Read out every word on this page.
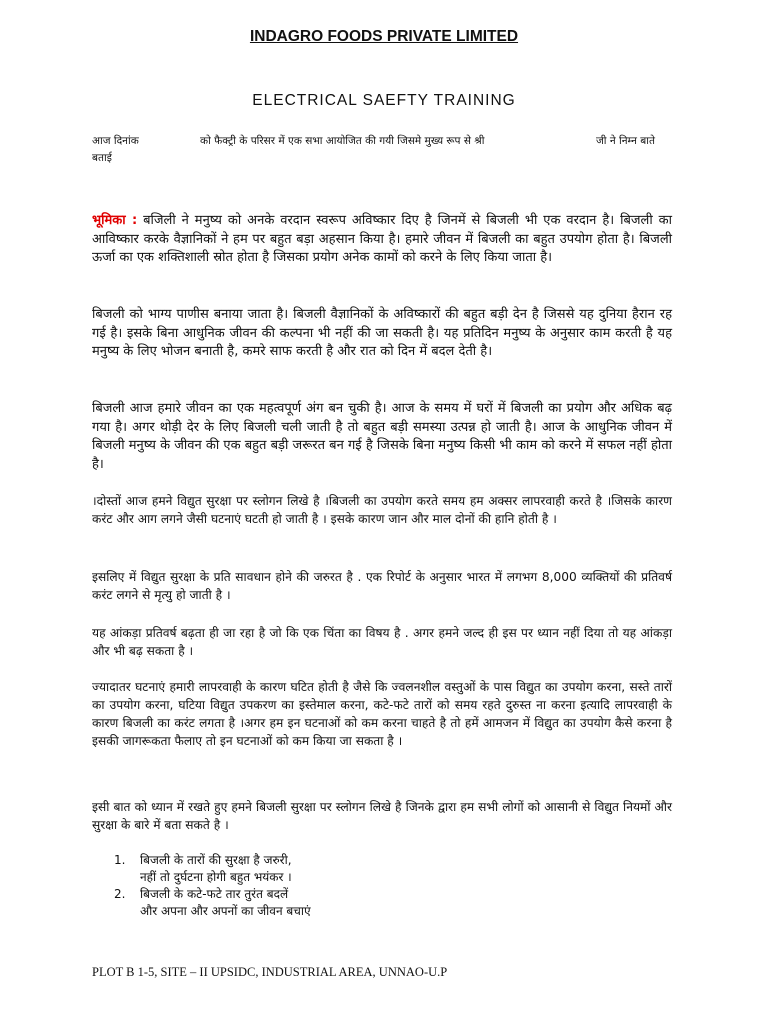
INDAGRO FOODS PRIVATE LIMITED
ELECTRICAL SAEFTY TRAINING
आज दिनांक	को फैक्ट्री के परिसर में एक सभा आयोजित की गयी जिसमे मुख्य रूप से श्री	जी ने निम्न बाते
बताई
भूमिका : बजिली ने मनुष्य को अनके वरदान स्वरूप अविष्कार दिए है जिनमें से बिजली भी एक वरदान है। बिजली का आविष्कार करके वैज्ञानिकों ने हम पर बहुत बड़ा अहसान किया है। हमारे जीवन में बिजली का बहुत उपयोग होता है। बिजली ऊर्जा का एक शक्तिशाली स्रोत होता है जिसका प्रयोग अनेक कामों को करने के लिए किया जाता है।
बिजली को भाग्य पाणीस बनाया जाता है। बिजली वैज्ञानिकों के अविष्कारों की बहुत बड़ी देन है जिससे यह दुनिया हैरान रह गई है। इसके बिना आधुनिक जीवन की कल्पना भी नहीं की जा सकती है। यह प्रतिदिन मनुष्य के अनुसार काम करती है यह मनुष्य के लिए भोजन बनाती है, कमरे साफ करती है और रात को दिन में बदल देती है।
बिजली आज हमारे जीवन का एक महत्वपूर्ण अंग बन चुकी है। आज के समय में घरों में बिजली का प्रयोग और अधिक बढ़ गया है। अगर थोड़ी देर के लिए बिजली चली जाती है तो बहुत बड़ी समस्या उत्पन्न हो जाती है। आज के आधुनिक जीवन में बिजली मनुष्य के जीवन की एक बहुत बड़ी जरूरत बन गई है जिसके बिना मनुष्य किसी भी काम को करने में सफल नहीं होता है।
।दोस्तों आज हमने विद्युत सुरक्षा पर स्लोगन लिखे है ।बिजली का उपयोग करते समय हम अक्सर लापरवाही करते है ।जिसके कारण करंट और आग लगने जैसी घटनाएं घटती हो जाती है । इसके कारण जान और माल दोनों की हानि होती है ।
इसलिए में विद्युत सुरक्षा के प्रति सावधान होने की जरुरत है . एक रिपोर्ट के अनुसार भारत में लगभग 8,000 व्यक्तियों की प्रतिवर्ष करंट लगने से मृत्यु हो जाती है ।
यह आंकड़ा प्रतिवर्ष बढ़ता ही जा रहा है जो कि एक चिंता का विषय है . अगर हमने जल्द ही इस पर ध्यान नहीं दिया तो यह आंकड़ा और भी बढ़ सकता है ।
ज्यादातर घटनाएं हमारी लापरवाही के कारण घटित होती है जैसे कि ज्वलनशील वस्तुओं के पास विद्युत का उपयोग करना, सस्ते तारों का उपयोग करना, घटिया विद्युत उपकरण का इस्तेमाल करना, कटे-फटे तारों को समय रहते दुरुस्त ना करना इत्यादि लापरवाही के कारण बिजली का करंट लगता है ।अगर हम इन घटनाओं को कम करना चाहते है तो हमें आमजन में विद्युत का उपयोग कैसे करना है इसकी जागरूकता फैलाए तो इन घटनाओं को कम किया जा सकता है ।
इसी बात को ध्यान में रखते हुए हमने बिजली सुरक्षा पर स्लोगन लिखे है जिनके द्वारा हम सभी लोगों को आसानी से विद्युत नियमों और सुरक्षा के बारे में बता सकते है ।
1.	बिजली के तारों की सुरक्षा है जरुरी,
नहीं तो दुर्घटना होगी बहुत भयंकर ।
2.	बिजली के कटे-फटे तार तुरंत बदलें
और अपना और अपनों का जीवन बचाएं
PLOT B 1-5, SITE – II UPSIDC, INDUSTRIAL AREA, UNNAO-U.P
